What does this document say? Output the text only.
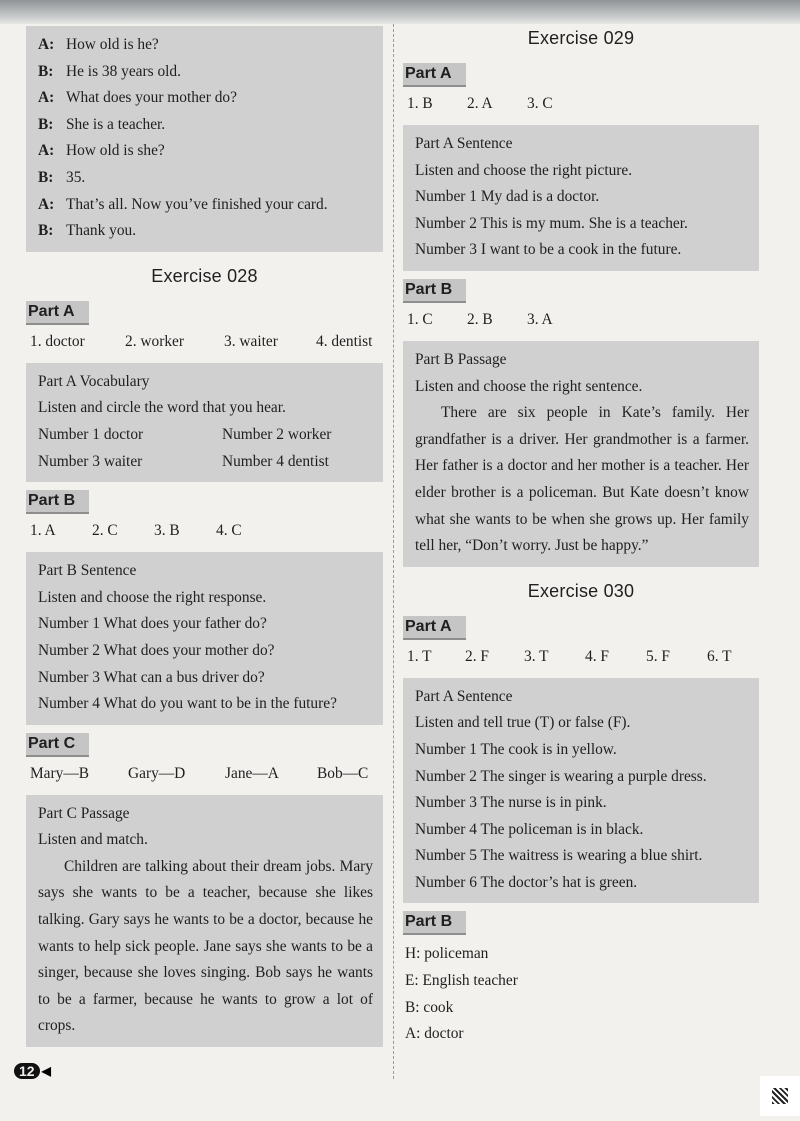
A: How old is he?
B: He is 38 years old.
A: What does your mother do?
B: She is a teacher.
A: How old is she?
B: 35.
A: That’s all. Now you’ve finished your card.
B: Thank you.
Exercise 028
Part A
1. doctor	2. worker	3. waiter	4. dentist
Part A Vocabulary
Listen and circle the word that you hear.
Number 1 doctor	Number 2 worker
Number 3 waiter	Number 4 dentist
Part B
1. A	2. C	3. B	4. C
Part B Sentence
Listen and choose the right response.
Number 1 What does your father do?
Number 2 What does your mother do?
Number 3 What can a bus driver do?
Number 4 What do you want to be in the future?
Part C
Mary—B	Gary—D	Jane—A	Bob—C
Part C Passage
Listen and match.
Children are talking about their dream jobs. Mary says she wants to be a teacher, because she likes talking. Gary says he wants to be a doctor, because he wants to help sick people. Jane says she wants to be a singer, because she loves singing. Bob says he wants to be a farmer, because he wants to grow a lot of crops.
Exercise 029
Part A
1. B	2. A	3. C
Part A Sentence
Listen and choose the right picture.
Number 1 My dad is a doctor.
Number 2 This is my mum. She is a teacher.
Number 3 I want to be a cook in the future.
Part B
1. C	2. B	3. A
Part B Passage
Listen and choose the right sentence.
There are six people in Kate’s family. Her grandfather is a driver. Her grandmother is a farmer. Her father is a doctor and her mother is a teacher. Her elder brother is a policeman. But Kate doesn’t know what she wants to be when she grows up. Her family tell her, “Don’t worry. Just be happy.”
Exercise 030
Part A
1. T	2. F	3. T	4. F	5. F	6. T
Part A Sentence
Listen and tell true (T) or false (F).
Number 1 The cook is in yellow.
Number 2 The singer is wearing a purple dress.
Number 3 The nurse is in pink.
Number 4 The policeman is in black.
Number 5 The waitress is wearing a blue shirt.
Number 6 The doctor’s hat is green.
Part B
H: policeman
E: English teacher
B: cook
A: doctor
12 ◀
